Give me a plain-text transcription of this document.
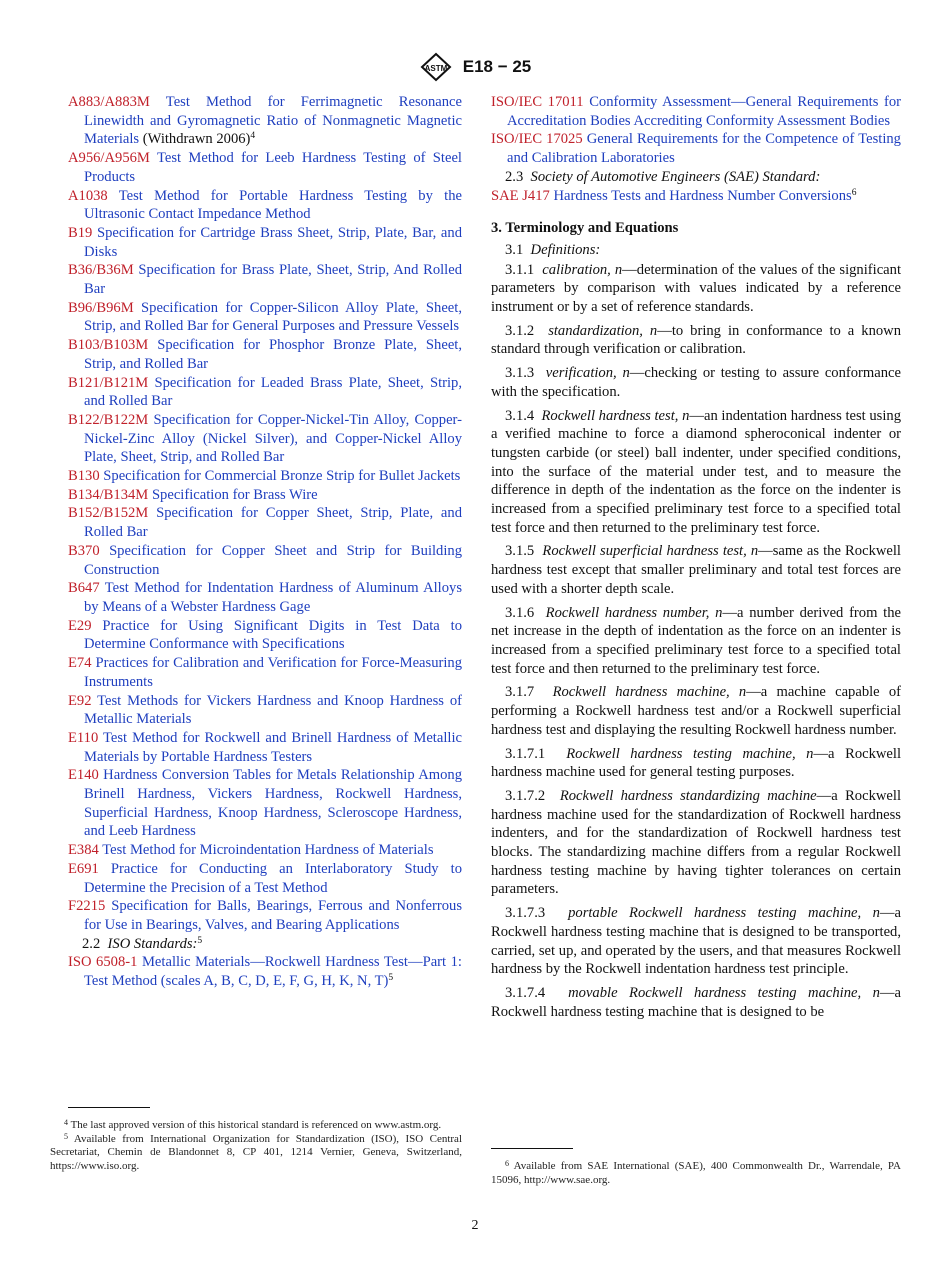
ASTM E18 − 25

A883/A883M Test Method for Ferrimagnetic Resonance Linewidth and Gyromagnetic Ratio of Nonmagnetic Magnetic Materials (Withdrawn 2006)$^4$

A956/A956M Test Method for Leeb Hardness Testing of Steel Products

A1038 Test Method for Portable Hardness Testing by the Ultrasonic Contact Impedance Method

B19 Specification for Cartridge Brass Sheet, Strip, Plate, Bar, and Disks

B36/B36M Specification for Brass Plate, Sheet, Strip, And Rolled Bar

B96/B96M Specification for Copper-Silicon Alloy Plate, Sheet, Strip, and Rolled Bar for General Purposes and Pressure Vessels

B103/B103M Specification for Phosphor Bronze Plate, Sheet, Strip, and Rolled Bar

B121/B121M Specification for Leaded Brass Plate, Sheet, Strip, and Rolled Bar

B122/B122M Specification for Copper-Nickel-Tin Alloy, Copper-Nickel-Zinc Alloy (Nickel Silver), and Copper-Nickel Alloy Plate, Sheet, Strip, and Rolled Bar

B130 Specification for Commercial Bronze Strip for Bullet Jackets

B134/B134M Specification for Brass Wire

B152/B152M Specification for Copper Sheet, Strip, Plate, and Rolled Bar

B370 Specification for Copper Sheet and Strip for Building Construction

B647 Test Method for Indentation Hardness of Aluminum Alloys by Means of a Webster Hardness Gage

E29 Practice for Using Significant Digits in Test Data to Determine Conformance with Specifications

E74 Practices for Calibration and Verification for Force-Measuring Instruments

E92 Test Methods for Vickers Hardness and Knoop Hardness of Metallic Materials

E110 Test Method for Rockwell and Brinell Hardness of Metallic Materials by Portable Hardness Testers

E140 Hardness Conversion Tables for Metals Relationship Among Brinell Hardness, Vickers Hardness, Rockwell Hardness, Superficial Hardness, Knoop Hardness, Scleroscope Hardness, and Leeb Hardness

E384 Test Method for Microindentation Hardness of Materials

E691 Practice for Conducting an Interlaboratory Study to Determine the Precision of a Test Method

F2215 Specification for Balls, Bearings, Ferrous and Nonferrous for Use in Bearings, Valves, and Bearing Applications

2.2 ISO Standards:$^5$

ISO 6508-1 Metallic Materials—Rockwell Hardness Test—Part 1: Test Method (scales A, B, C, D, E, F, G, H, K, N, T)$^5$

ISO/IEC 17011 Conformity Assessment—General Requirements for Accreditation Bodies Accrediting Conformity Assessment Bodies

ISO/IEC 17025 General Requirements for the Competence of Testing and Calibration Laboratories

2.3 Society of Automotive Engineers (SAE) Standard:

SAE J417 Hardness Tests and Hardness Number Conversions$^6$

3. Terminology and Equations

3.1 Definitions:

3.1.1 calibration, n—determination of the values of the significant parameters by comparison with values indicated by a reference instrument or by a set of reference standards.

3.1.2 standardization, n—to bring in conformance to a known standard through verification or calibration.

3.1.3 verification, n—checking or testing to assure conformance with the specification.

3.1.4 Rockwell hardness test, n—an indentation hardness test using a verified machine to force a diamond spheroconical indenter or tungsten carbide (or steel) ball indenter, under specified conditions, into the surface of the material under test, and to measure the difference in depth of the indentation as the force on the indenter is increased from a specified preliminary test force to a specified total test force and then returned to the preliminary test force.

3.1.5 Rockwell superficial hardness test, n—same as the Rockwell hardness test except that smaller preliminary and total test forces are used with a shorter depth scale.

3.1.6 Rockwell hardness number, n—a number derived from the net increase in the depth of indentation as the force on an indenter is increased from a specified preliminary test force to a specified total test force and then returned to the preliminary test force.

3.1.7 Rockwell hardness machine, n—a machine capable of performing a Rockwell hardness test and/or a Rockwell superficial hardness test and displaying the resulting Rockwell hardness number.

3.1.7.1 Rockwell hardness testing machine, n—a Rockwell hardness machine used for general testing purposes.

3.1.7.2 Rockwell hardness standardizing machine—a Rockwell hardness machine used for the standardization of Rockwell hardness indenters, and for the standardization of Rockwell hardness test blocks. The standardizing machine differs from a regular Rockwell hardness testing machine by having tighter tolerances on certain parameters.

3.1.7.3 portable Rockwell hardness testing machine, n—a Rockwell hardness testing machine that is designed to be transported, carried, set up, and operated by the users, and that measures Rockwell hardness by the Rockwell indentation hardness test principle.

3.1.7.4 movable Rockwell hardness testing machine, n—a Rockwell hardness testing machine that is designed to be

$^4$ The last approved version of this historical standard is referenced on www.astm.org.

$^5$ Available from International Organization for Standardization (ISO), ISO Central Secretariat, Chemin de Blandonnet 8, CP 401, 1214 Vernier, Geneva, Switzerland, https://www.iso.org.	$^6$ Available from SAE International (SAE), 400 Commonwealth Dr., Warrendale, PA 15096, http://www.sae.org.

2
